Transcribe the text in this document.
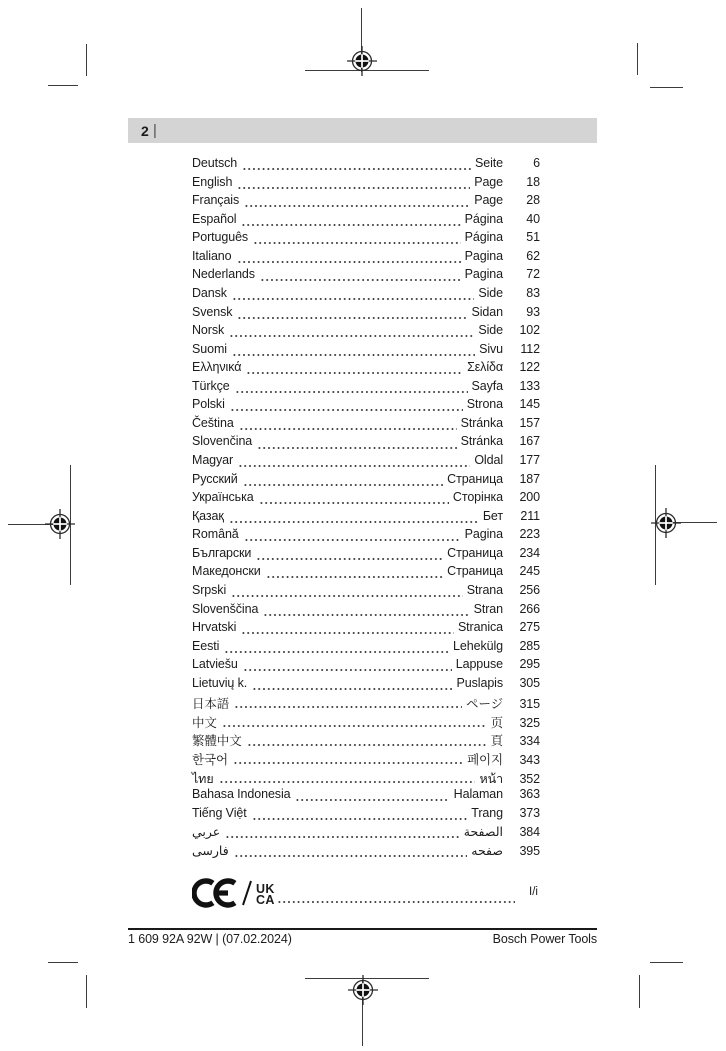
2 |
Deutsch	Seite	6
English	Page	18
Français	Page	28
Español	Página	40
Português	Página	51
Italiano	Pagina	62
Nederlands	Pagina	72
Dansk	Side	83
Svensk	Sidan	93
Norsk	Side	102
Suomi	Sivu	112
Ελληνικά	Σελίδα	122
Türkçe	Sayfa	133
Polski	Strona	145
Čeština	Stránka	157
Slovenčina	Stránka	167
Magyar	Oldal	177
Русский	Страница	187
Українська	Сторінка	200
Қазақ	Бет	211
Română	Pagina	223
Български	Страница	234
Македонски	Страница	245
Srpski	Strana	256
Slovenščina	Stran	266
Hrvatski	Stranica	275
Eesti	Lehekülg	285
Latviešu	Lappuse	295
Lietuvių k.	Puslapis	305
日本語	ページ	315
中文	页	325
繁體中文	頁	334
한국어	페이지	343
ไทย	หน้า	352
Bahasa Indonesia	Halaman	363
Tiếng Việt	Trang	373
عربي	الصفحة	384
فارسی	صفحه	395
UK
CA
I/i
1 609 92A 92W | (07.02.2024)	Bosch Power Tools
